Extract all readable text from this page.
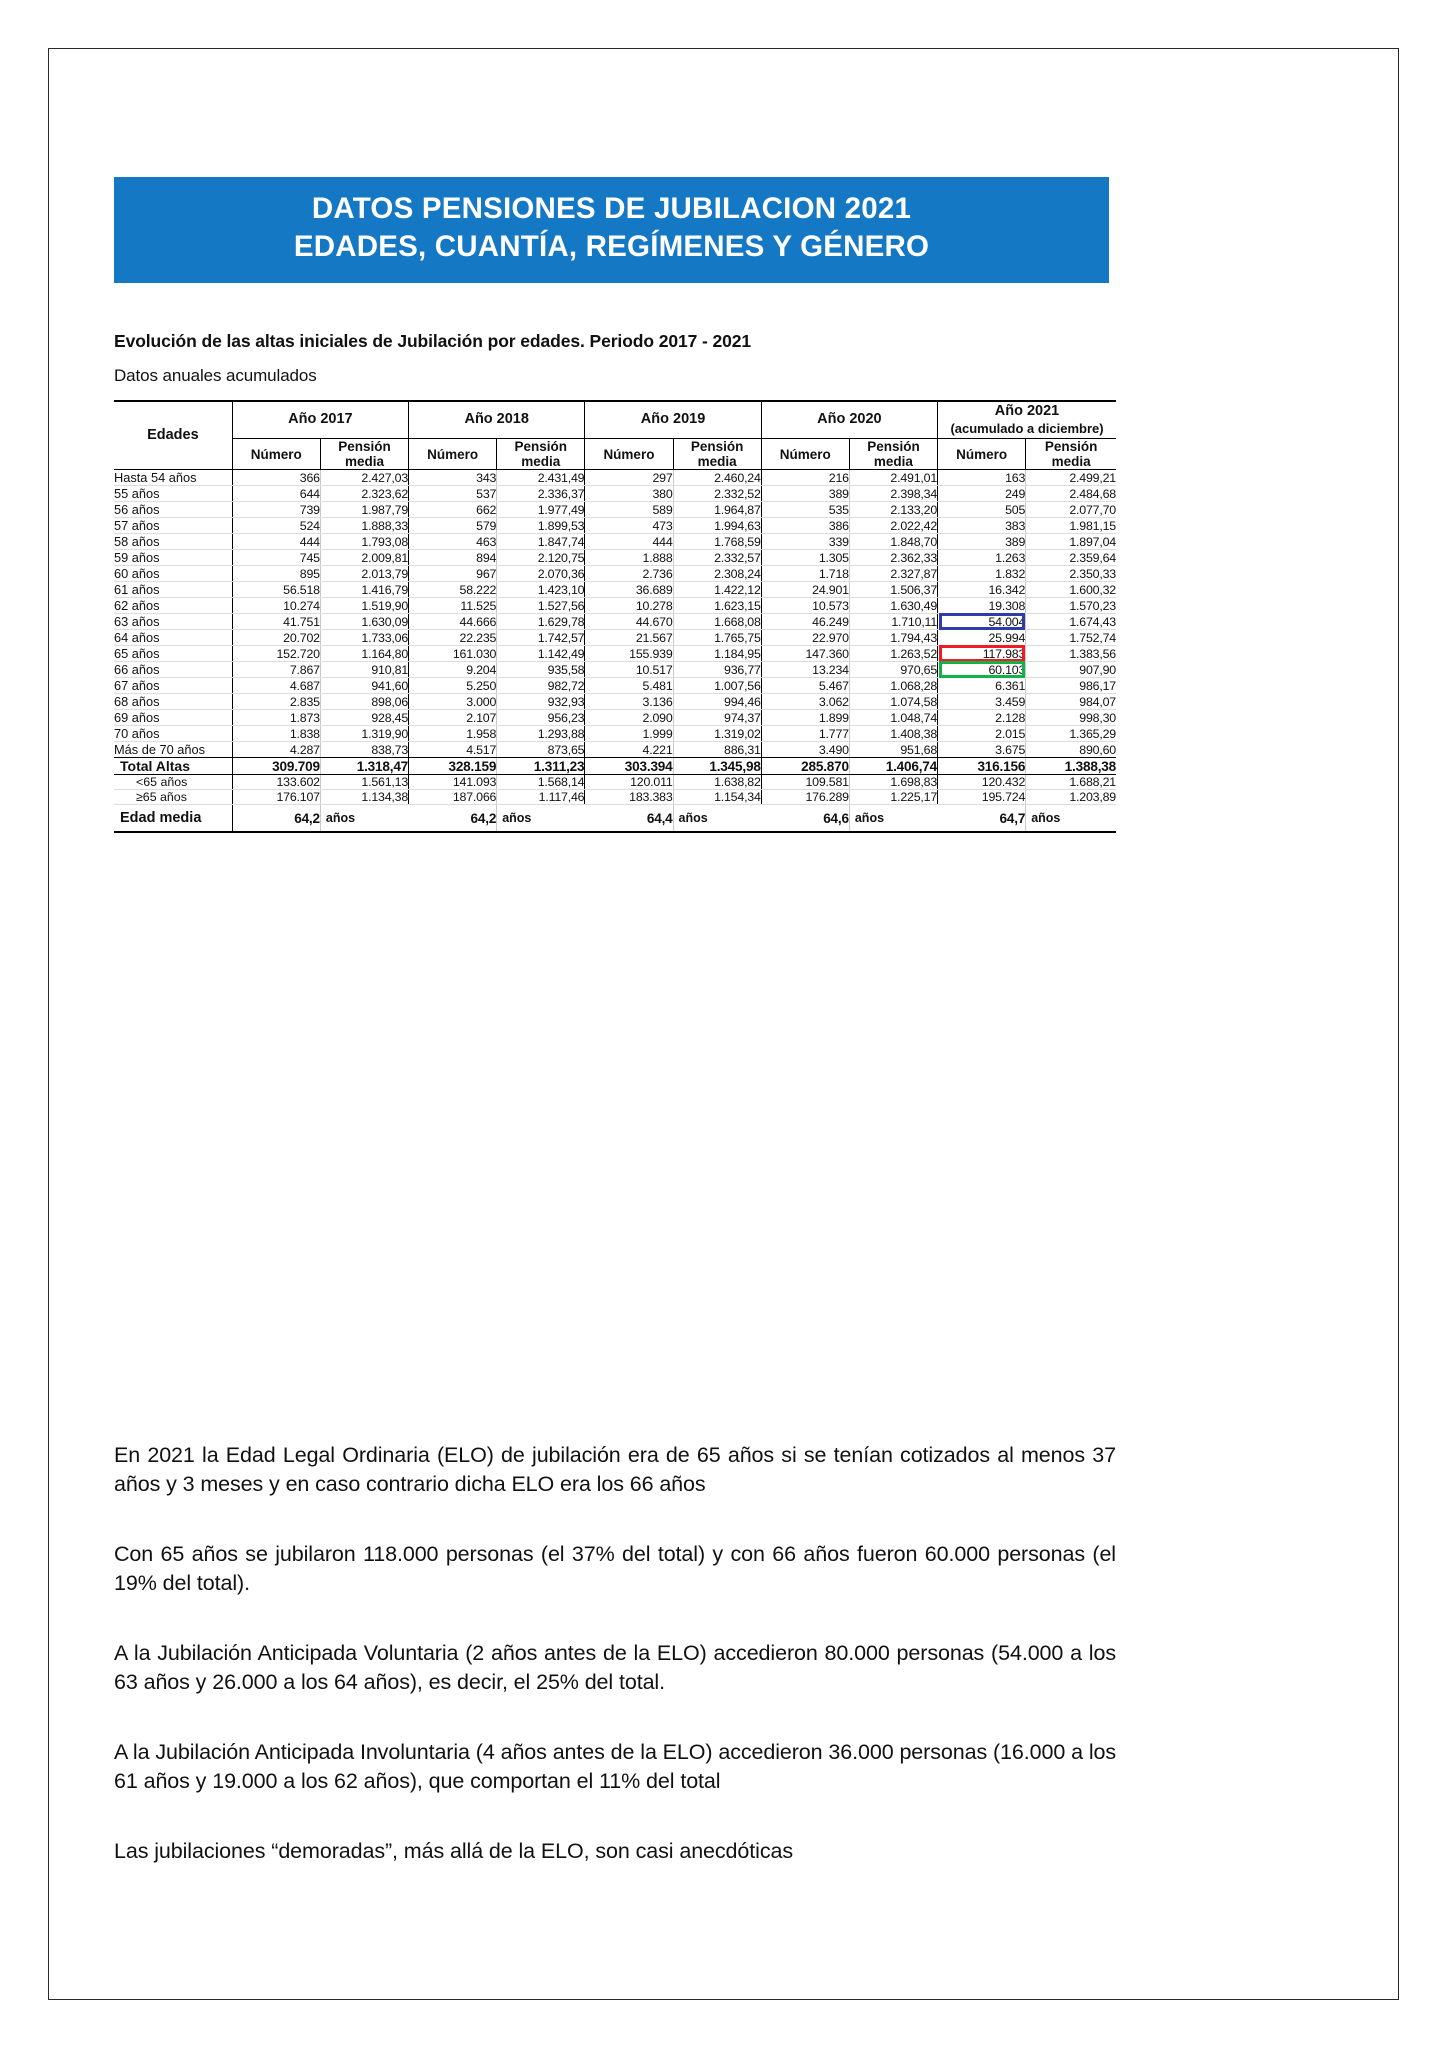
DATOS PENSIONES DE JUBILACION 2021
EDADES, CUANTÍA, REGÍMENES Y GÉNERO
Evolución de las altas iniciales de Jubilación por edades. Periodo 2017 - 2021
Datos anuales acumulados
Edades	Año 2017		Año 2018		Año 2019		Año 2020		Año 2021
(acumulado a diciembre)	

	Número	Pensión media	Número	Pensión media	Número	Pensión media	Número	Pensión media	Número	Pensión media
Hasta 54 años	366	2.427,03	343	2.431,49	297	2.460,24	216	2.491,01	163	2.499,21
55 años	644	2.323,62	537	2.336,37	380	2.332,52	389	2.398,34	249	2.484,68
56 años	739	1.987,79	662	1.977,49	589	1.964,87	535	2.133,20	505	2.077,70
57 años	524	1.888,33	579	1.899,53	473	1.994,63	386	2.022,42	383	1.981,15
58 años	444	1.793,08	463	1.847,74	444	1.768,59	339	1.848,70	389	1.897,04
59 años	745	2.009,81	894	2.120,75	1.888	2.332,57	1.305	2.362,33	1.263	2.359,64
60 años	895	2.013,79	967	2.070,36	2.736	2.308,24	1.718	2.327,87	1.832	2.350,33
61 años	56.518	1.416,79	58.222	1.423,10	36.689	1.422,12	24.901	1.506,37	16.342	1.600,32
62 años	10.274	1.519,90	11.525	1.527,56	10.278	1.623,15	10.573	1.630,49	19.308	1.570,23
63 años	41.751	1.630,09	44.666	1.629,78	44.670	1.668,08	46.249	1.710,11	54.004	1.674,43
64 años	20.702	1.733,06	22.235	1.742,57	21.567	1.765,75	22.970	1.794,43	25.994	1.752,74
65 años	152.720	1.164,80	161.030	1.142,49	155.939	1.184,95	147.360	1.263,52	117.983	1.383,56
66 años	7.867	910,81	9.204	935,58	10.517	936,77	13.234	970,65	60.103	907,90
67 años	4.687	941,60	5.250	982,72	5.481	1.007,56	5.467	1.068,28	6.361	986,17
68 años	2.835	898,06	3.000	932,93	3.136	994,46	3.062	1.074,58	3.459	984,07
69 años	1.873	928,45	2.107	956,23	2.090	974,37	1.899	1.048,74	2.128	998,30
70 años	1.838	1.319,90	1.958	1.293,88	1.999	1.319,02	1.777	1.408,38	2.015	1.365,29
Más de 70 años	4.287	838,73	4.517	873,65	4.221	886,31	3.490	951,68	3.675	890,60
Total Altas	309.709	1.318,47	328.159	1.311,23	303.394	1.345,98	285.870	1.406,74	316.156	1.388,38
<65 años	133.602	1.561,13	141.093	1.568,14	120.011	1.638,82	109.581	1.698,83	120.432	1.688,21
≥65 años	176.107	1.134,38	187.066	1.117,46	183.383	1.154,34	176.289	1.225,17	195.724	1.203,89
Edad media	64,2	años	64,2	años	64,4	años	64,6	años	64,7	años

En 2021 la Edad Legal Ordinaria (ELO) de jubilación era de 65 años si se tenían cotizados al menos 37 años y 3 meses y en caso contrario dicha ELO era los 66 años

Con 65 años se jubilaron 118.000 personas (el 37% del total) y con 66 años fueron 60.000 personas (el 19% del total).

A la Jubilación Anticipada Voluntaria (2 años antes de la ELO) accedieron 80.000 personas (54.000 a los 63 años y 26.000 a los 64 años), es decir, el 25% del total.

A la Jubilación Anticipada Involuntaria (4 años antes de la ELO) accedieron 36.000 personas (16.000 a los 61 años y 19.000 a los 62 años), que comportan el 11% del total

Las jubilaciones “demoradas”, más allá de la ELO, son casi anecdóticas
